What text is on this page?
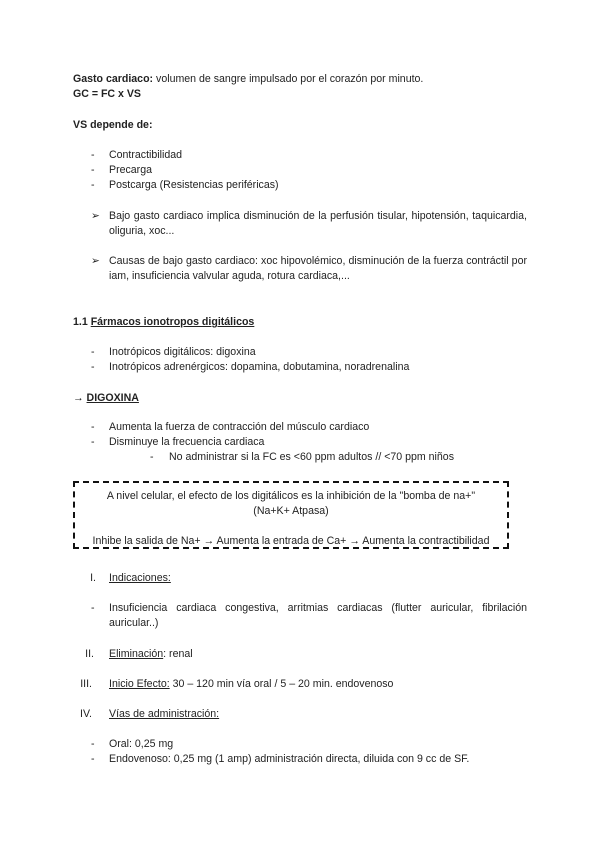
Gasto cardiaco: volumen de sangre impulsado por el corazón por minuto.
GC = FC x VS
VS depende de:
- Contractibilidad
- Precarga
- Postcarga (Resistencias periféricas)
➢ Bajo gasto cardiaco implica disminución de la perfusión tisular, hipotensión, taquicardia, oliguria, xoc...
➢ Causas de bajo gasto cardiaco: xoc hipovolémico, disminución de la fuerza contráctil por iam, insuficiencia valvular aguda, rotura cardiaca,...
1.1 Fármacos ionotropos digitálicos
- Inotrópicos digitálicos: digoxina
- Inotrópicos adrenérgicos: dopamina, dobutamina, noradrenalina
→ DIGOXINA
- Aumenta la fuerza de contracción del músculo cardiaco
- Disminuye la frecuencia cardiaca
- No administrar si la FC es <60 ppm adultos // <70 ppm niños
A nivel celular, el efecto de los digitálicos es la inhibición de la "bomba de na+"
(Na+K+ Atpasa)
Inhibe la salida de Na+ → Aumenta la entrada de Ca+ → Aumenta la contractibilidad
I. Indicaciones:
- Insuficiencia cardiaca congestiva, arritmias cardiacas (flutter auricular, fibrilación auricular..)
II. Eliminación: renal
III. Inicio Efecto: 30 – 120 min vía oral / 5 – 20 min. endovenoso
IV. Vías de administración:
- Oral: 0,25 mg
- Endovenoso: 0,25 mg (1 amp) administración directa, diluida con 9 cc de SF.
